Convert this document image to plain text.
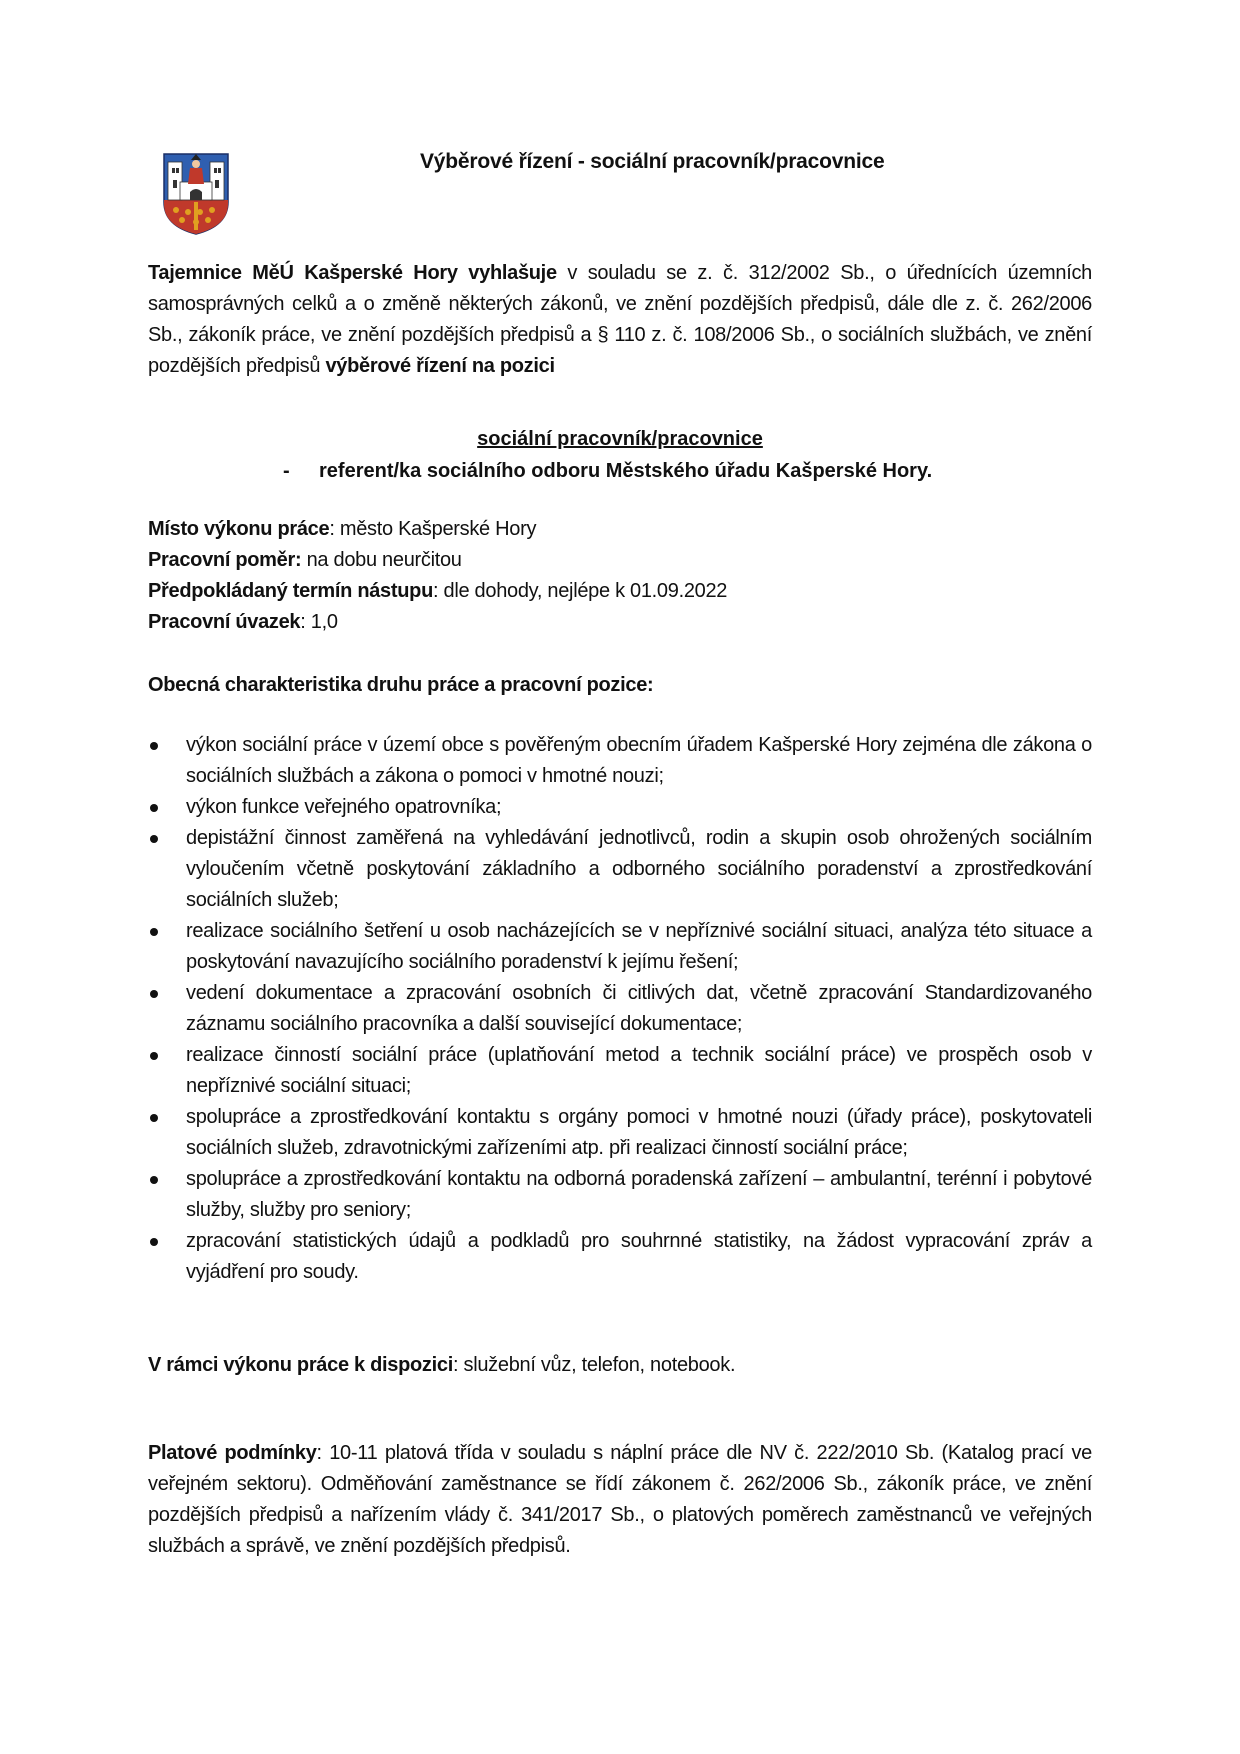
Výběrové řízení - sociální pracovník/pracovnice
Tajemnice MěÚ Kašperské Hory vyhlašuje v souladu se z. č. 312/2002 Sb., o úřednících územních samosprávných celků a o změně některých zákonů, ve znění pozdějších předpisů, dále dle z. č. 262/2006 Sb., zákoník práce, ve znění pozdějších předpisů a § 110 z. č. 108/2006 Sb., o sociálních službách, ve znění pozdějších předpisů výběrové řízení na pozici
sociální pracovník/pracovnice
- referent/ka sociálního odboru Městského úřadu Kašperské Hory.
Místo výkonu práce: město Kašperské Hory
Pracovní poměr: na dobu neurčitou
Předpokládaný termín nástupu: dle dohody, nejlépe k 01.09.2022
Pracovní úvazek: 1,0
Obecná charakteristika druhu práce a pracovní pozice:
výkon sociální práce v území obce s pověřeným obecním úřadem Kašperské Hory zejména dle zákona o sociálních službách a zákona o pomoci v hmotné nouzi;
výkon funkce veřejného opatrovníka;
depistážní činnost zaměřená na vyhledávání jednotlivců, rodin a skupin osob ohrožených sociálním vyloučením včetně poskytování základního a odborného sociálního poradenství a zprostředkování sociálních služeb;
realizace sociálního šetření u osob nacházejících se v nepříznivé sociální situaci, analýza této situace a poskytování navazujícího sociálního poradenství k jejímu řešení;
vedení dokumentace a zpracování osobních či citlivých dat, včetně zpracování Standardizovaného záznamu sociálního pracovníka a další související dokumentace;
realizace činností sociální práce (uplatňování metod a technik sociální práce) ve prospěch osob v nepříznivé sociální situaci;
spolupráce a zprostředkování kontaktu s orgány pomoci v hmotné nouzi (úřady práce), poskytovateli sociálních služeb, zdravotnickými zařízeními atp. při realizaci činností sociální práce;
spolupráce a zprostředkování kontaktu na odborná poradenská zařízení – ambulantní, terénní i pobytové služby, služby pro seniory;
zpracování statistických údajů a podkladů pro souhrnné statistiky, na žádost vypracování zpráv a vyjádření pro soudy.
V rámci výkonu práce k dispozici: služební vůz, telefon, notebook.
Platové podmínky: 10-11 platová třída v souladu s náplní práce dle NV č. 222/2010 Sb. (Katalog prací ve veřejném sektoru). Odměňování zaměstnance se řídí zákonem č. 262/2006 Sb., zákoník práce, ve znění pozdějších předpisů a nařízením vlády č. 341/2017 Sb., o platových poměrech zaměstnanců ve veřejných službách a správě, ve znění pozdějších předpisů.
